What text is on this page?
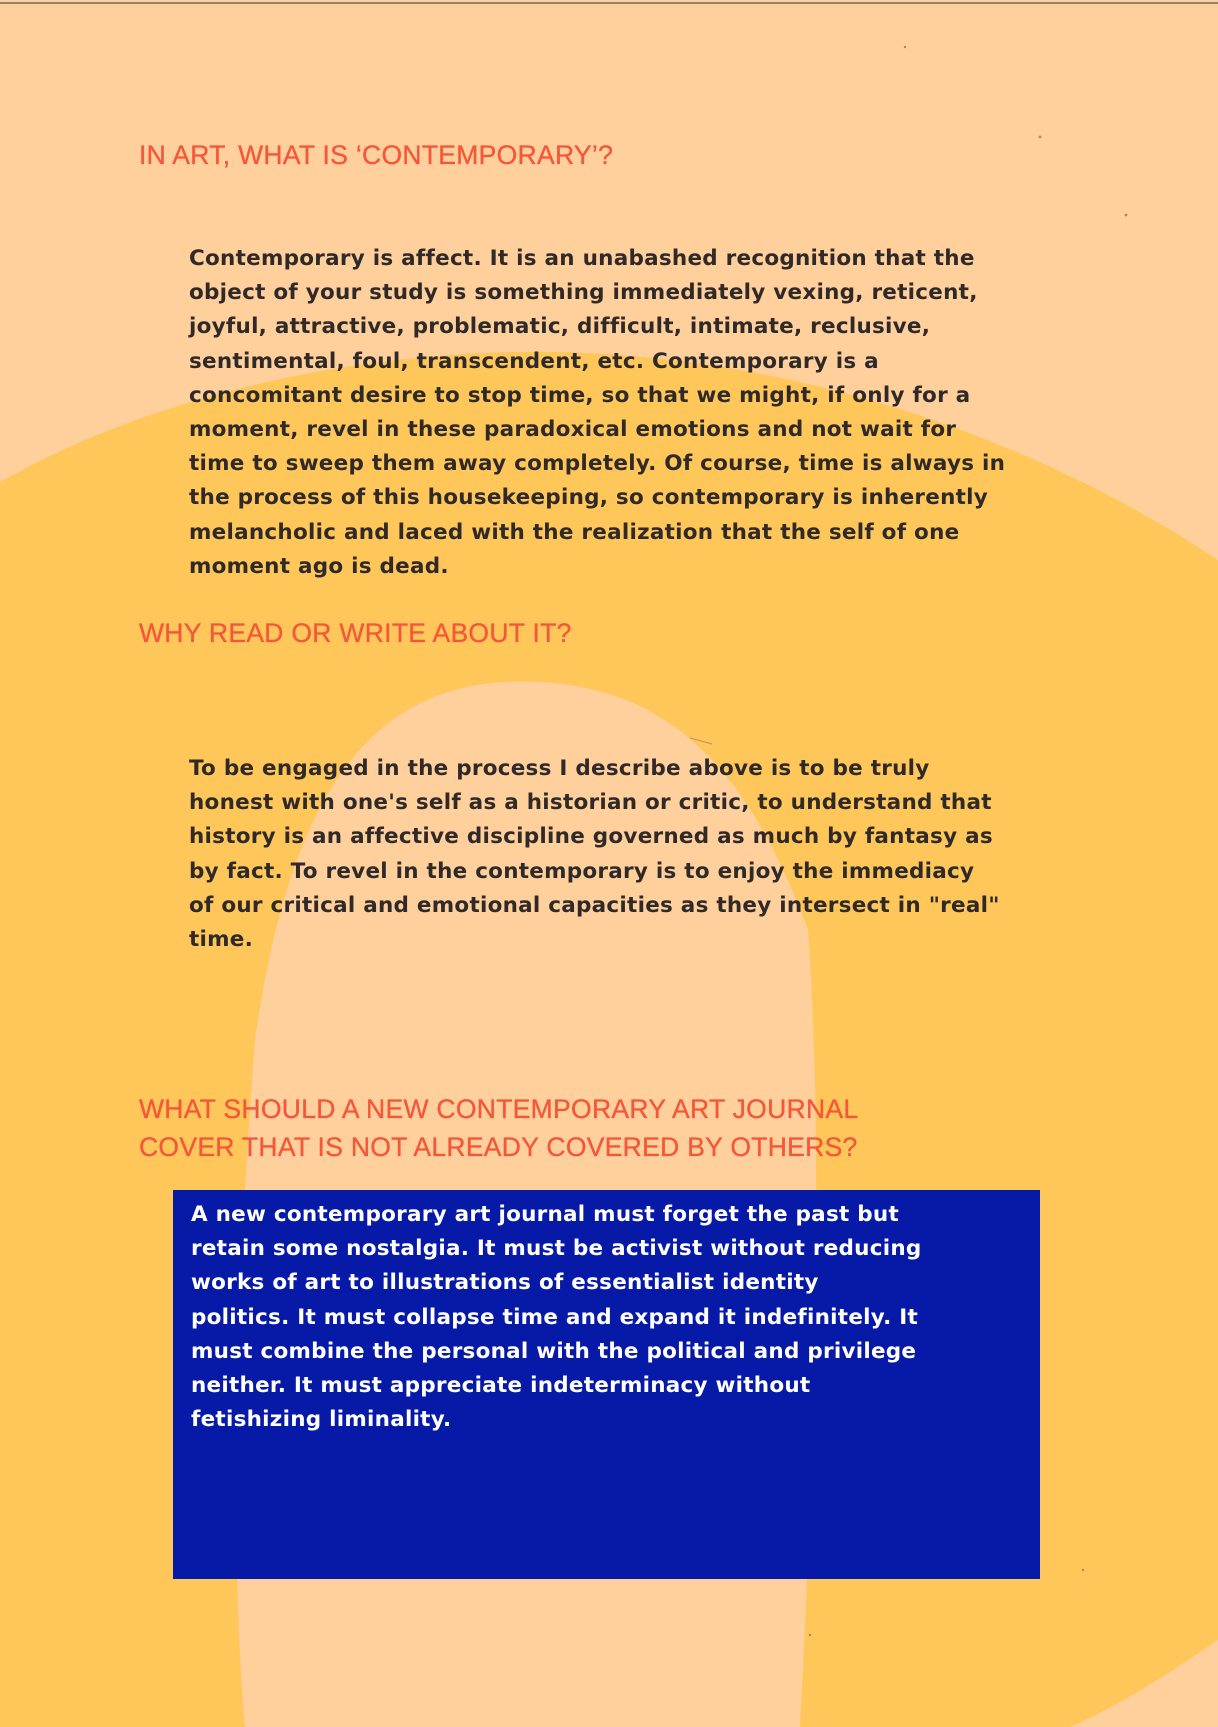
IN ART, WHAT IS ‘CONTEMPORARY’?
Contemporary is affect. It is an unabashed recognition that the
object of your study is something immediately vexing, reticent,
joyful, attractive, problematic, difficult, intimate, reclusive,
sentimental, foul, transcendent, etc. Contemporary is a
concomitant desire to stop time, so that we might, if only for a
moment, revel in these paradoxical emotions and not wait for
time to sweep them away completely. Of course, time is always in
the process of this housekeeping, so contemporary is inherently
melancholic and laced with the realization that the self of one
moment ago is dead.
WHY READ OR WRITE ABOUT IT?
To be engaged in the process I describe above is to be truly
honest with one's self as a historian or critic, to understand that
history is an affective discipline governed as much by fantasy as
by fact. To revel in the contemporary is to enjoy the immediacy
of our critical and emotional capacities as they intersect in "real"
time.
WHAT SHOULD A NEW CONTEMPORARY ART JOURNAL
COVER THAT IS NOT ALREADY COVERED BY OTHERS?
A new contemporary art journal must forget the past but
retain some nostalgia. It must be activist without reducing
works of art to illustrations of essentialist identity
politics. It must collapse time and expand it indefinitely. It
must combine the personal with the political and privilege
neither. It must appreciate indeterminacy without
fetishizing liminality.
